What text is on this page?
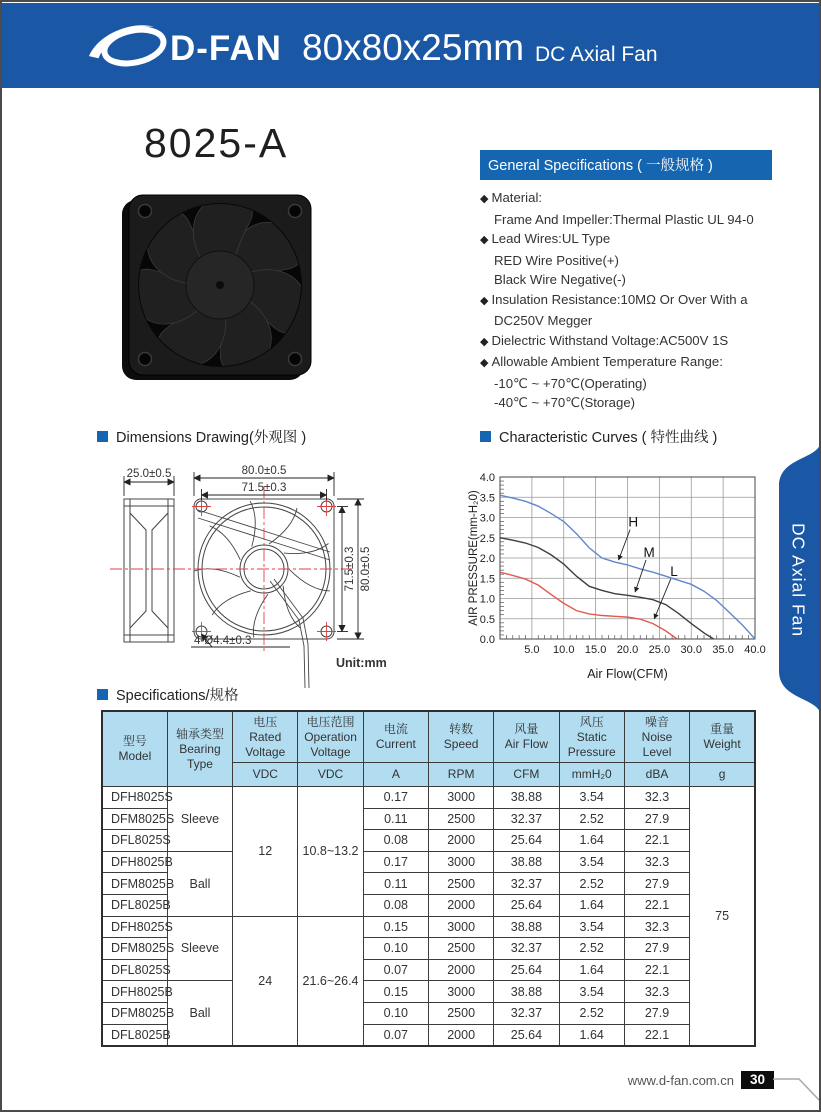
D-FAN 80x80x25mm DC Axial Fan
8025-A	General Specifications ( 一般规格 )
◆ Material:
Frame And Impeller:Thermal Plastic UL 94-0
◆ Lead Wires:UL Type
RED Wire Positive(+)
Black Wire Negative(-)
◆ Insulation Resistance:10MΩ Or Over With a
DC250V Megger
◆ Dielectric Withstand Voltage:AC500V 1S
◆ Allowable Ambient Temperature Range:
-10℃ ~ +70℃(Operating)
-40℃ ~ +70℃(Storage)
Dimensions Drawing(外观图 )	Characteristic Curves ( 特性曲线 )
Specifications/规格
25.0±0.5	80.0±0.5
71.5±0.3
71.5±0.3 80.0±0.5
4-Ø4.4±0.3
Unit:mm
5.0 10.0 15.0 20.0 25.0 30.0 35.0 40.0
0.0
0.5
1.0
1.5
2.0
2.5
3.0
3.5
4.0
Air Flow(CFM)
AIR PRESSURE(mm-H₂0)	H
M
L	DC Axial Fan
型号
Model

轴承类型
Bearing Type

电压
Rated Voltage

电压范围
Operation Voltage

电流
Current

转数
Speed

风量
Air Flow

风压
Static Pressure

噪音
Noise Level

重量
Weight

		VDC	VDC	A	RPM	CFM	mmH₂0	dBA	g
DFH8025S	Sleeve	12	10.8~13.2	0.17	3000	38.88	3.54	32.3	75
DFM8025S				0.11	2500	32.37	2.52	27.9	
DFL8025S				0.08	2000	25.64	1.64	22.1	
DFH8025B	Ball			0.17	3000	38.88	3.54	32.3	
DFM8025B				0.11	2500	32.37	2.52	27.9	
DFL8025B				0.08	2000	25.64	1.64	22.1	
DFH8025S	Sleeve	24	21.6~26.4	0.15	3000	38.88	3.54	32.3	
DFM8025S				0.10	2500	32.37	2.52	27.9	
DFL8025S				0.07	2000	25.64	1.64	22.1	
DFH8025B	Ball			0.15	3000	38.88	3.54	32.3	
DFM8025B				0.10	2500	32.37	2.52	27.9	
DFL8025B				0.07	2000	25.64	1.64	22.1	
www.d-fan.com.cn	30
